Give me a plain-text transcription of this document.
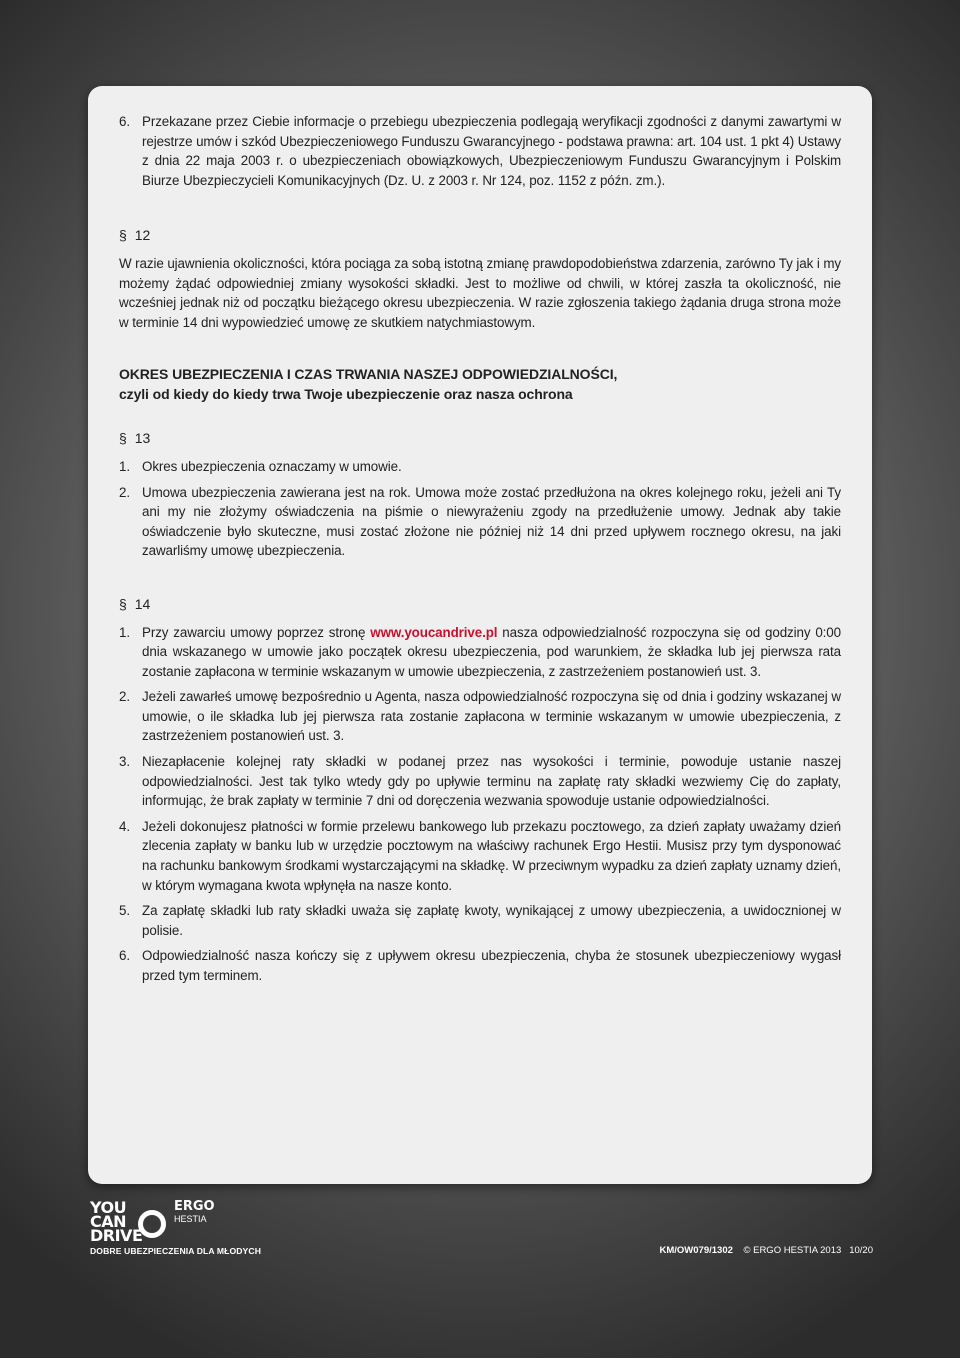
6. Przekazane przez Ciebie informacje o przebiegu ubezpieczenia podlegają weryfikacji zgodności z danymi zawartymi w rejestrze umów i szkód Ubezpieczeniowego Funduszu Gwarancyjnego - podstawa prawna: art. 104 ust. 1 pkt 4) Ustawy z dnia 22 maja 2003 r. o ubezpieczeniach obowiązkowych, Ubezpieczeniowym Funduszu Gwarancyjnym i Polskim Biurze Ubezpieczycieli Komunikacyjnych (Dz. U. z 2003 r. Nr 124, poz. 1152 z późn. zm.).
§ 12

W razie ujawnienia okoliczności, która pociąga za sobą istotną zmianę prawdopodobieństwa zdarzenia, zarówno Ty jak i my możemy żądać odpowiedniej zmiany wysokości składki. Jest to możliwe od chwili, w której zaszła ta okoliczność, nie wcześniej jednak niż od początku bieżącego okresu ubezpieczenia. W razie zgłoszenia takiego żądania druga strona może w terminie 14 dni wypowiedzieć umowę ze skutkiem natychmiastowym.

OKRES UBEZPIECZENIA I CZAS TRWANIA NASZEJ ODPOWIEDZIALNOŚCI,
czyli od kiedy do kiedy trwa Twoje ubezpieczenie oraz nasza ochrona
§ 13
1. Okres ubezpieczenia oznaczamy w umowie.
2. Umowa ubezpieczenia zawierana jest na rok. Umowa może zostać przedłużona na okres kolejnego roku, jeżeli ani Ty ani my nie złożymy oświadczenia na piśmie o niewyrażeniu zgody na przedłużenie umowy. Jednak aby takie oświadczenie było skuteczne, musi zostać złożone nie później niż 14 dni przed upływem rocznego okresu, na jaki zawarliśmy umowę ubezpieczenia.
§ 14
1. Przy zawarciu umowy poprzez stronę www.youcandrive.pl nasza odpowiedzialność rozpoczyna się od godziny 0:00 dnia wskazanego w umowie jako początek okresu ubezpieczenia, pod warunkiem, że składka lub jej pierwsza rata zostanie zapłacona w terminie wskazanym w umowie ubezpieczenia, z zastrzeżeniem postanowień ust. 3.
2. Jeżeli zawarłeś umowę bezpośrednio u Agenta, nasza odpowiedzialność rozpoczyna się od dnia i godziny wskazanej w umowie, o ile składka lub jej pierwsza rata zostanie zapłacona w terminie wskazanym w umowie ubezpieczenia, z zastrzeżeniem postanowień ust. 3.
3. Niezapłacenie kolejnej raty składki w podanej przez nas wysokości i terminie, powoduje ustanie naszej odpowiedzialności. Jest tak tylko wtedy gdy po upływie terminu na zapłatę raty składki wezwiemy Cię do zapłaty, informując, że brak zapłaty w terminie 7 dni od doręczenia wezwania spowoduje ustanie odpowiedzialności.
4. Jeżeli dokonujesz płatności w formie przelewu bankowego lub przekazu pocztowego, za dzień zapłaty uważamy dzień zlecenia zapłaty w banku lub w urzędzie pocztowym na właściwy rachunek Ergo Hestii. Musisz przy tym dysponować na rachunku bankowym środkami wystarczającymi na składkę. W przeciwnym wypadku za dzień zapłaty uznamy dzień, w którym wymagana kwota wpłynęła na nasze konto.
5. Za zapłatę składki lub raty składki uważa się zapłatę kwoty, wynikającej z umowy ubezpieczenia, a uwidocznionej w polisie.
6. Odpowiedzialność nasza kończy się z upływem okresu ubezpieczenia, chyba że stosunek ubezpieczeniowy wygasł przed tym terminem.
YOU
CAN
DRIVE
ERGO
HESTIA
DOBRE UBEZPIECZENIA DLA MŁODYCH	KM/OW079/1302 © ERGO HESTIA 2013 10/20
